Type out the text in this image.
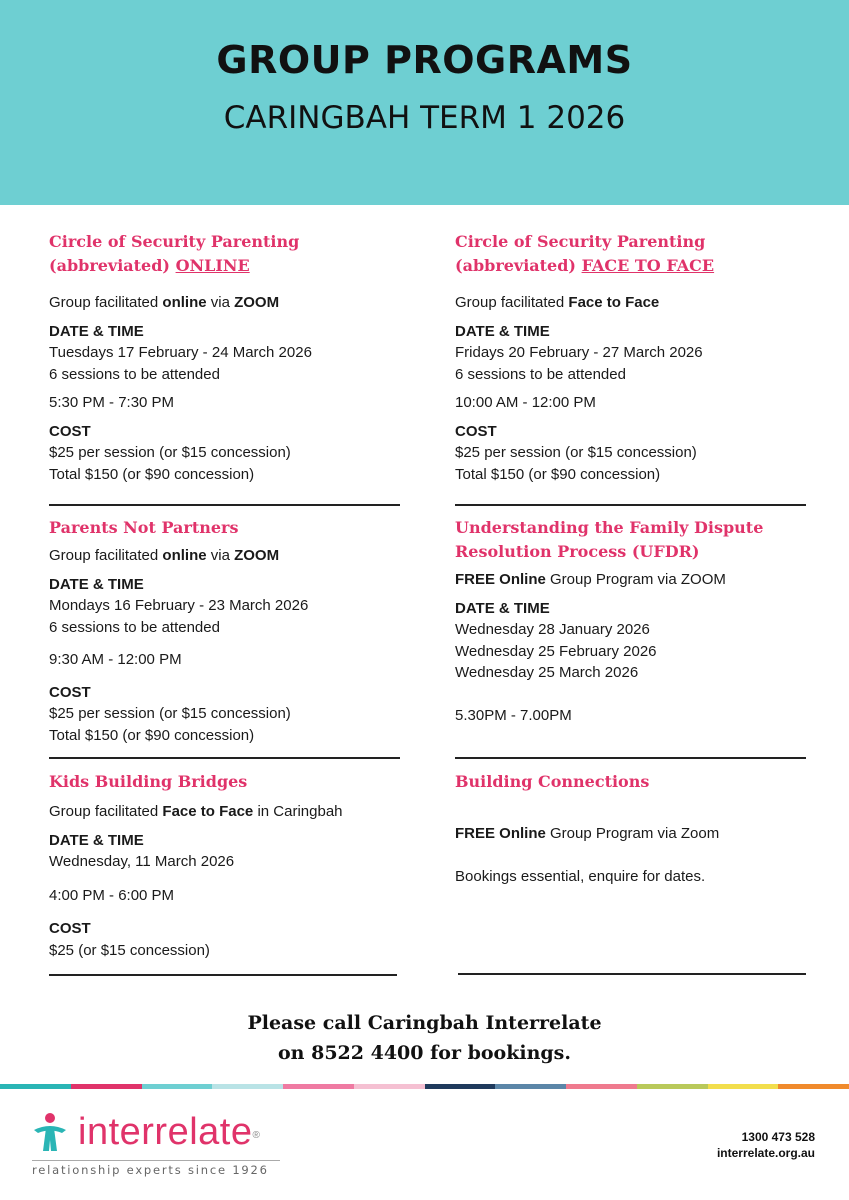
GROUP PROGRAMS
CARINGBAH TERM 1 2026
Circle of Security Parenting
(abbreviated) ONLINE

Group facilitated online via ZOOM

DATE & TIME

Tuesdays 17 February - 24 March 2026

6 sessions to be attended

5:30 PM - 7:30 PM

COST

$25 per session (or $15 concession)

Total $150 (or $90 concession)

Circle of Security Parenting
(abbreviated) FACE TO FACE

Group facilitated Face to Face

DATE & TIME

Fridays 20 February - 27 March 2026

6 sessions to be attended

10:00 AM - 12:00 PM

COST

$25 per session (or $15 concession)

Total $150 (or $90 concession)

Parents Not Partners

Group facilitated online via ZOOM

DATE & TIME

Mondays 16 February - 23 March 2026

6 sessions to be attended

9:30 AM - 12:00 PM

COST

$25 per session (or $15 concession)

Total $150 (or $90 concession)

Understanding the Family Dispute
Resolution Process (UFDR)

FREE Online Group Program via ZOOM

DATE & TIME

Wednesday 28 January 2026

Wednesday 25 February 2026

Wednesday 25 March 2026

5.30PM - 7.00PM

Kids Building Bridges

Group facilitated Face to Face in Caringbah

DATE & TIME

Wednesday, 11 March 2026

4:00 PM - 6:00 PM

COST

$25 (or $15 concession)

Building Connections

FREE Online Group Program via Zoom

Bookings essential, enquire for dates.

Please call Caringbah Interrelate
on 8522 4400 for bookings.
interrelate®
relationship experts since 1926
1300 473 528
interrelate.org.au
